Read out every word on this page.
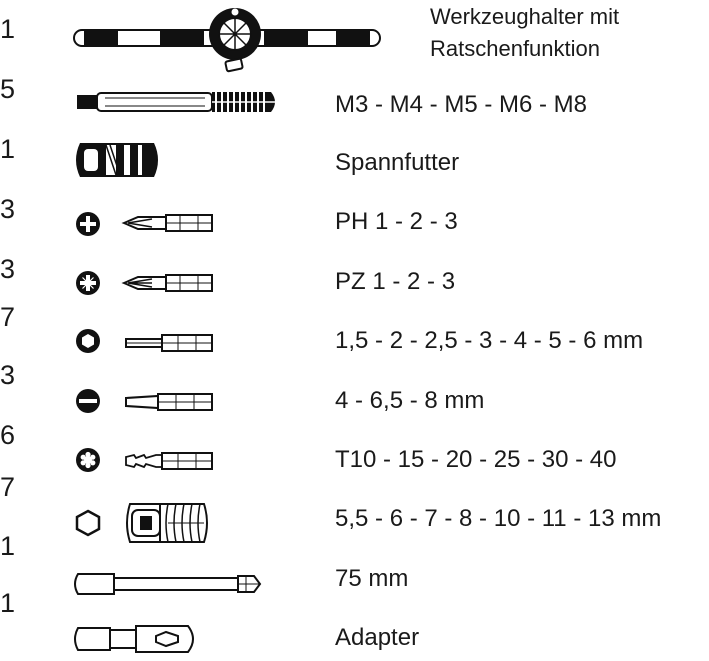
1
5
1
3
3
7
3
6
7
1
1
Werkzeughalter mit
Ratschenfunktion
M3 - M4 - M5 - M6 - M8
Spannfutter
PH 1 - 2 - 3
PZ 1 - 2 - 3
1,5 - 2 - 2,5 - 3 - 4 - 5 - 6 mm
4 - 6,5 - 8 mm
T10 - 15 - 20 - 25 - 30 - 40
5,5 - 6 - 7 - 8 - 10 - 11 - 13 mm
75 mm
Adapter
